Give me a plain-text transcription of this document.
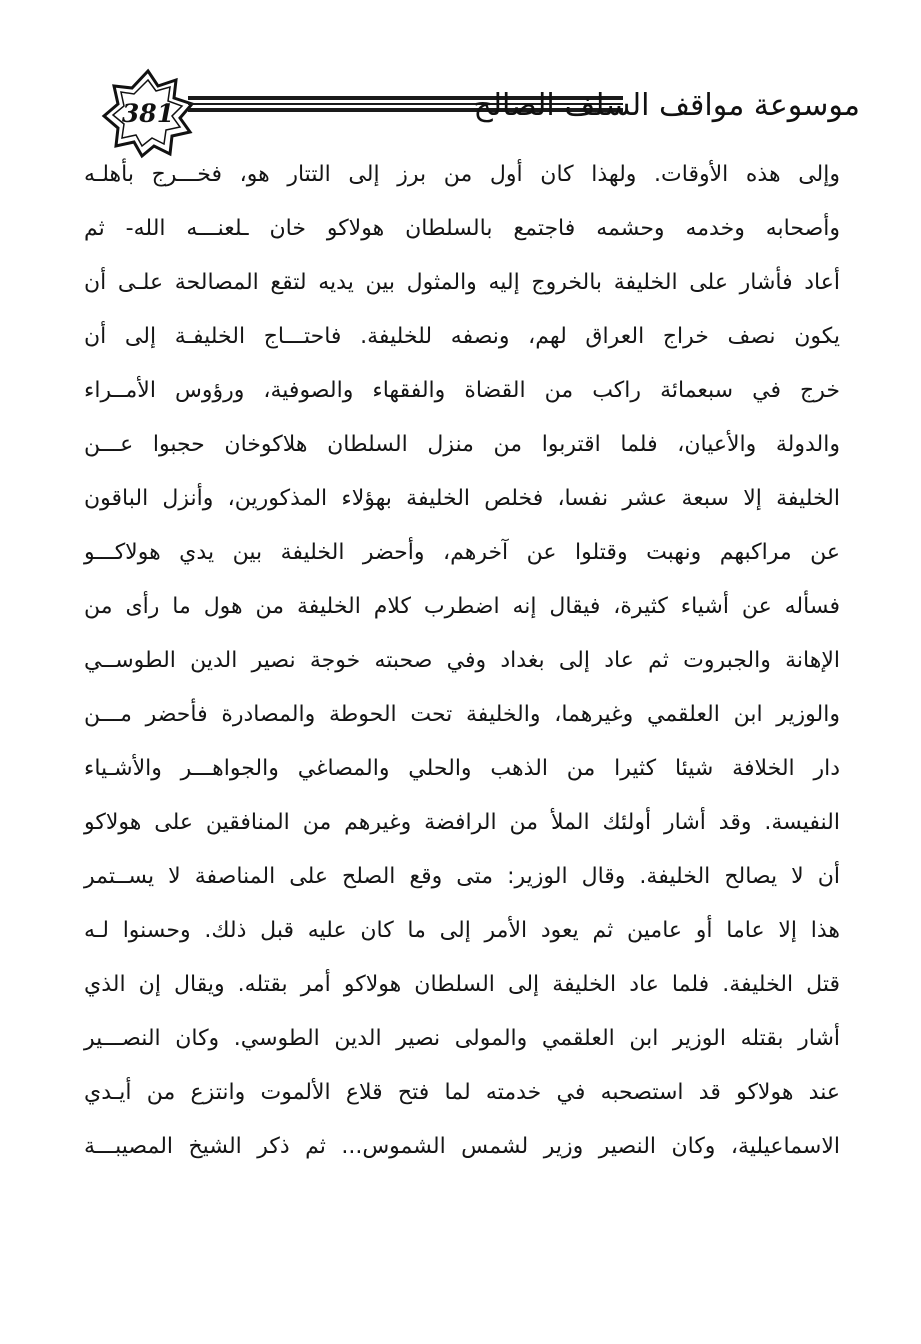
381	موسوعة مواقف السلف الصالح
وإلى هذه الأوقات. ولهذا كان أول من برز إلى التتار هو، فخـــرج بأهلـه
وأصحابه وخدمه وحشمه فاجتمع بالسلطان هولاكو خان ـلعنـــه الله- ثم
أعاد فأشار على الخليفة بالخروج إليه والمثول بين يديه لتقع المصالحة علـى أن
يكون نصف خراج العراق لهم، ونصفه للخليفة. فاحتـــاج الخليفـة إلى أن
خرج في سبعمائة راكب من القضاة والفقهاء والصوفية، ورؤوس الأمــراء
والدولة والأعيان، فلما اقتربوا من منزل السلطان هلاكوخان حجبوا عـــن
الخليفة إلا سبعة عشر نفسا، فخلص الخليفة بهؤلاء المذكورين، وأنزل الباقون
عن مراكبهم ونهبت وقتلوا عن آخرهم، وأحضر الخليفة بين يدي هولاكـــو
فسأله عن أشياء كثيرة، فيقال إنه اضطرب كلام الخليفة من هول ما رأى من
الإهانة والجبروت ثم عاد إلى بغداد وفي صحبته خوجة نصير الدين الطوســي
والوزير ابن العلقمي وغيرهما، والخليفة تحت الحوطة والمصادرة فأحضر مـــن
دار الخلافة شيئا كثيرا من الذهب والحلي والمصاغي والجواهـــر والأشـياء
النفيسة. وقد أشار أولئك الملأ من الرافضة وغيرهم من المنافقين على هولاكو
أن لا يصالح الخليفة. وقال الوزير: متى وقع الصلح على المناصفة لا يســتمر
هذا إلا عاما أو عامين ثم يعود الأمر إلى ما كان عليه قبل ذلك. وحسنوا لـه
قتل الخليفة. فلما عاد الخليفة إلى السلطان هولاكو أمر بقتله. ويقال إن الذي
أشار بقتله الوزير ابن العلقمي والمولى نصير الدين الطوسي. وكان النصـــير
عند هولاكو قد استصحبه في خدمته لما فتح قلاع الألموت وانتزع من أيـدي
الاسماعيلية، وكان النصير وزير لشمس الشموس... ثم ذكر الشيخ المصيبـــة
